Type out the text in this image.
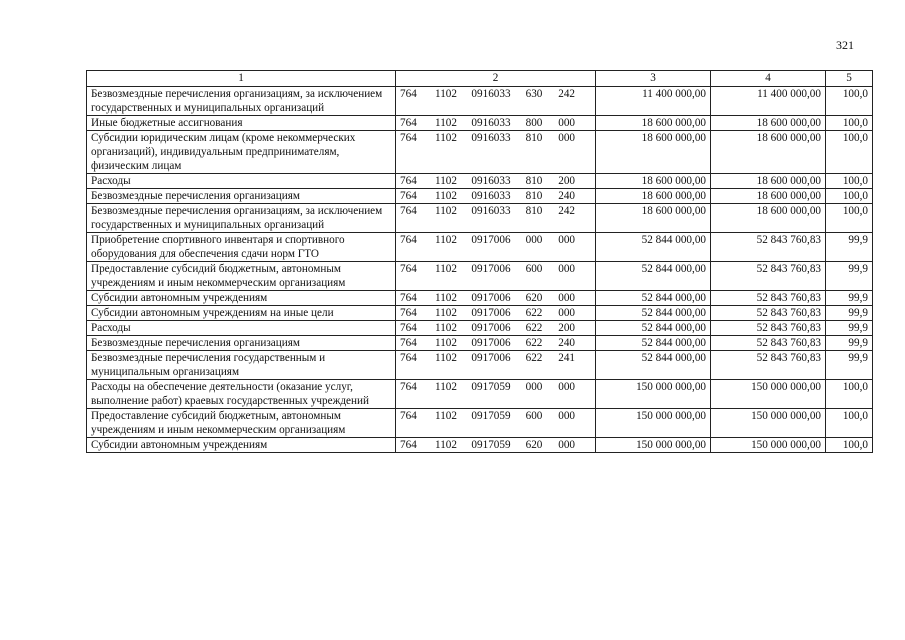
321
1	2	3	4	5
Безвозмездные перечисления организациям, за исключением государственных и муниципальных организаций	764 1102 0916033 630 242	11 400 000,00	11 400 000,00	100,0
Иные бюджетные ассигнования	764 1102 0916033 800 000	18 600 000,00	18 600 000,00	100,0
Субсидии юридическим лицам (кроме некоммерческих организаций), индивидуальным предпринимателям, физическим лицам	764 1102 0916033 810 000	18 600 000,00	18 600 000,00	100,0
Расходы	764 1102 0916033 810 200	18 600 000,00	18 600 000,00	100,0
Безвозмездные перечисления организациям	764 1102 0916033 810 240	18 600 000,00	18 600 000,00	100,0
Безвозмездные перечисления организациям, за исключением государственных и муниципальных организаций	764 1102 0916033 810 242	18 600 000,00	18 600 000,00	100,0
Приобретение спортивного инвентаря и спортивного оборудования для обеспечения сдачи норм ГТО	764 1102 0917006 000 000	52 844 000,00	52 843 760,83	99,9
Предоставление субсидий бюджетным, автономным учреждениям и иным некоммерческим организациям	764 1102 0917006 600 000	52 844 000,00	52 843 760,83	99,9
Субсидии автономным учреждениям	764 1102 0917006 620 000	52 844 000,00	52 843 760,83	99,9
Субсидии автономным учреждениям на иные цели	764 1102 0917006 622 000	52 844 000,00	52 843 760,83	99,9
Расходы	764 1102 0917006 622 200	52 844 000,00	52 843 760,83	99,9
Безвозмездные перечисления организациям	764 1102 0917006 622 240	52 844 000,00	52 843 760,83	99,9
Безвозмездные перечисления государственным и муниципальным организациям	764 1102 0917006 622 241	52 844 000,00	52 843 760,83	99,9
Расходы на обеспечение деятельности (оказание услуг, выполнение работ) краевых государственных учреждений	764 1102 0917059 000 000	150 000 000,00	150 000 000,00	100,0
Предоставление субсидий бюджетным, автономным учреждениям и иным некоммерческим организациям	764 1102 0917059 600 000	150 000 000,00	150 000 000,00	100,0
Субсидии автономным учреждениям	764 1102 0917059 620 000	150 000 000,00	150 000 000,00	100,0
